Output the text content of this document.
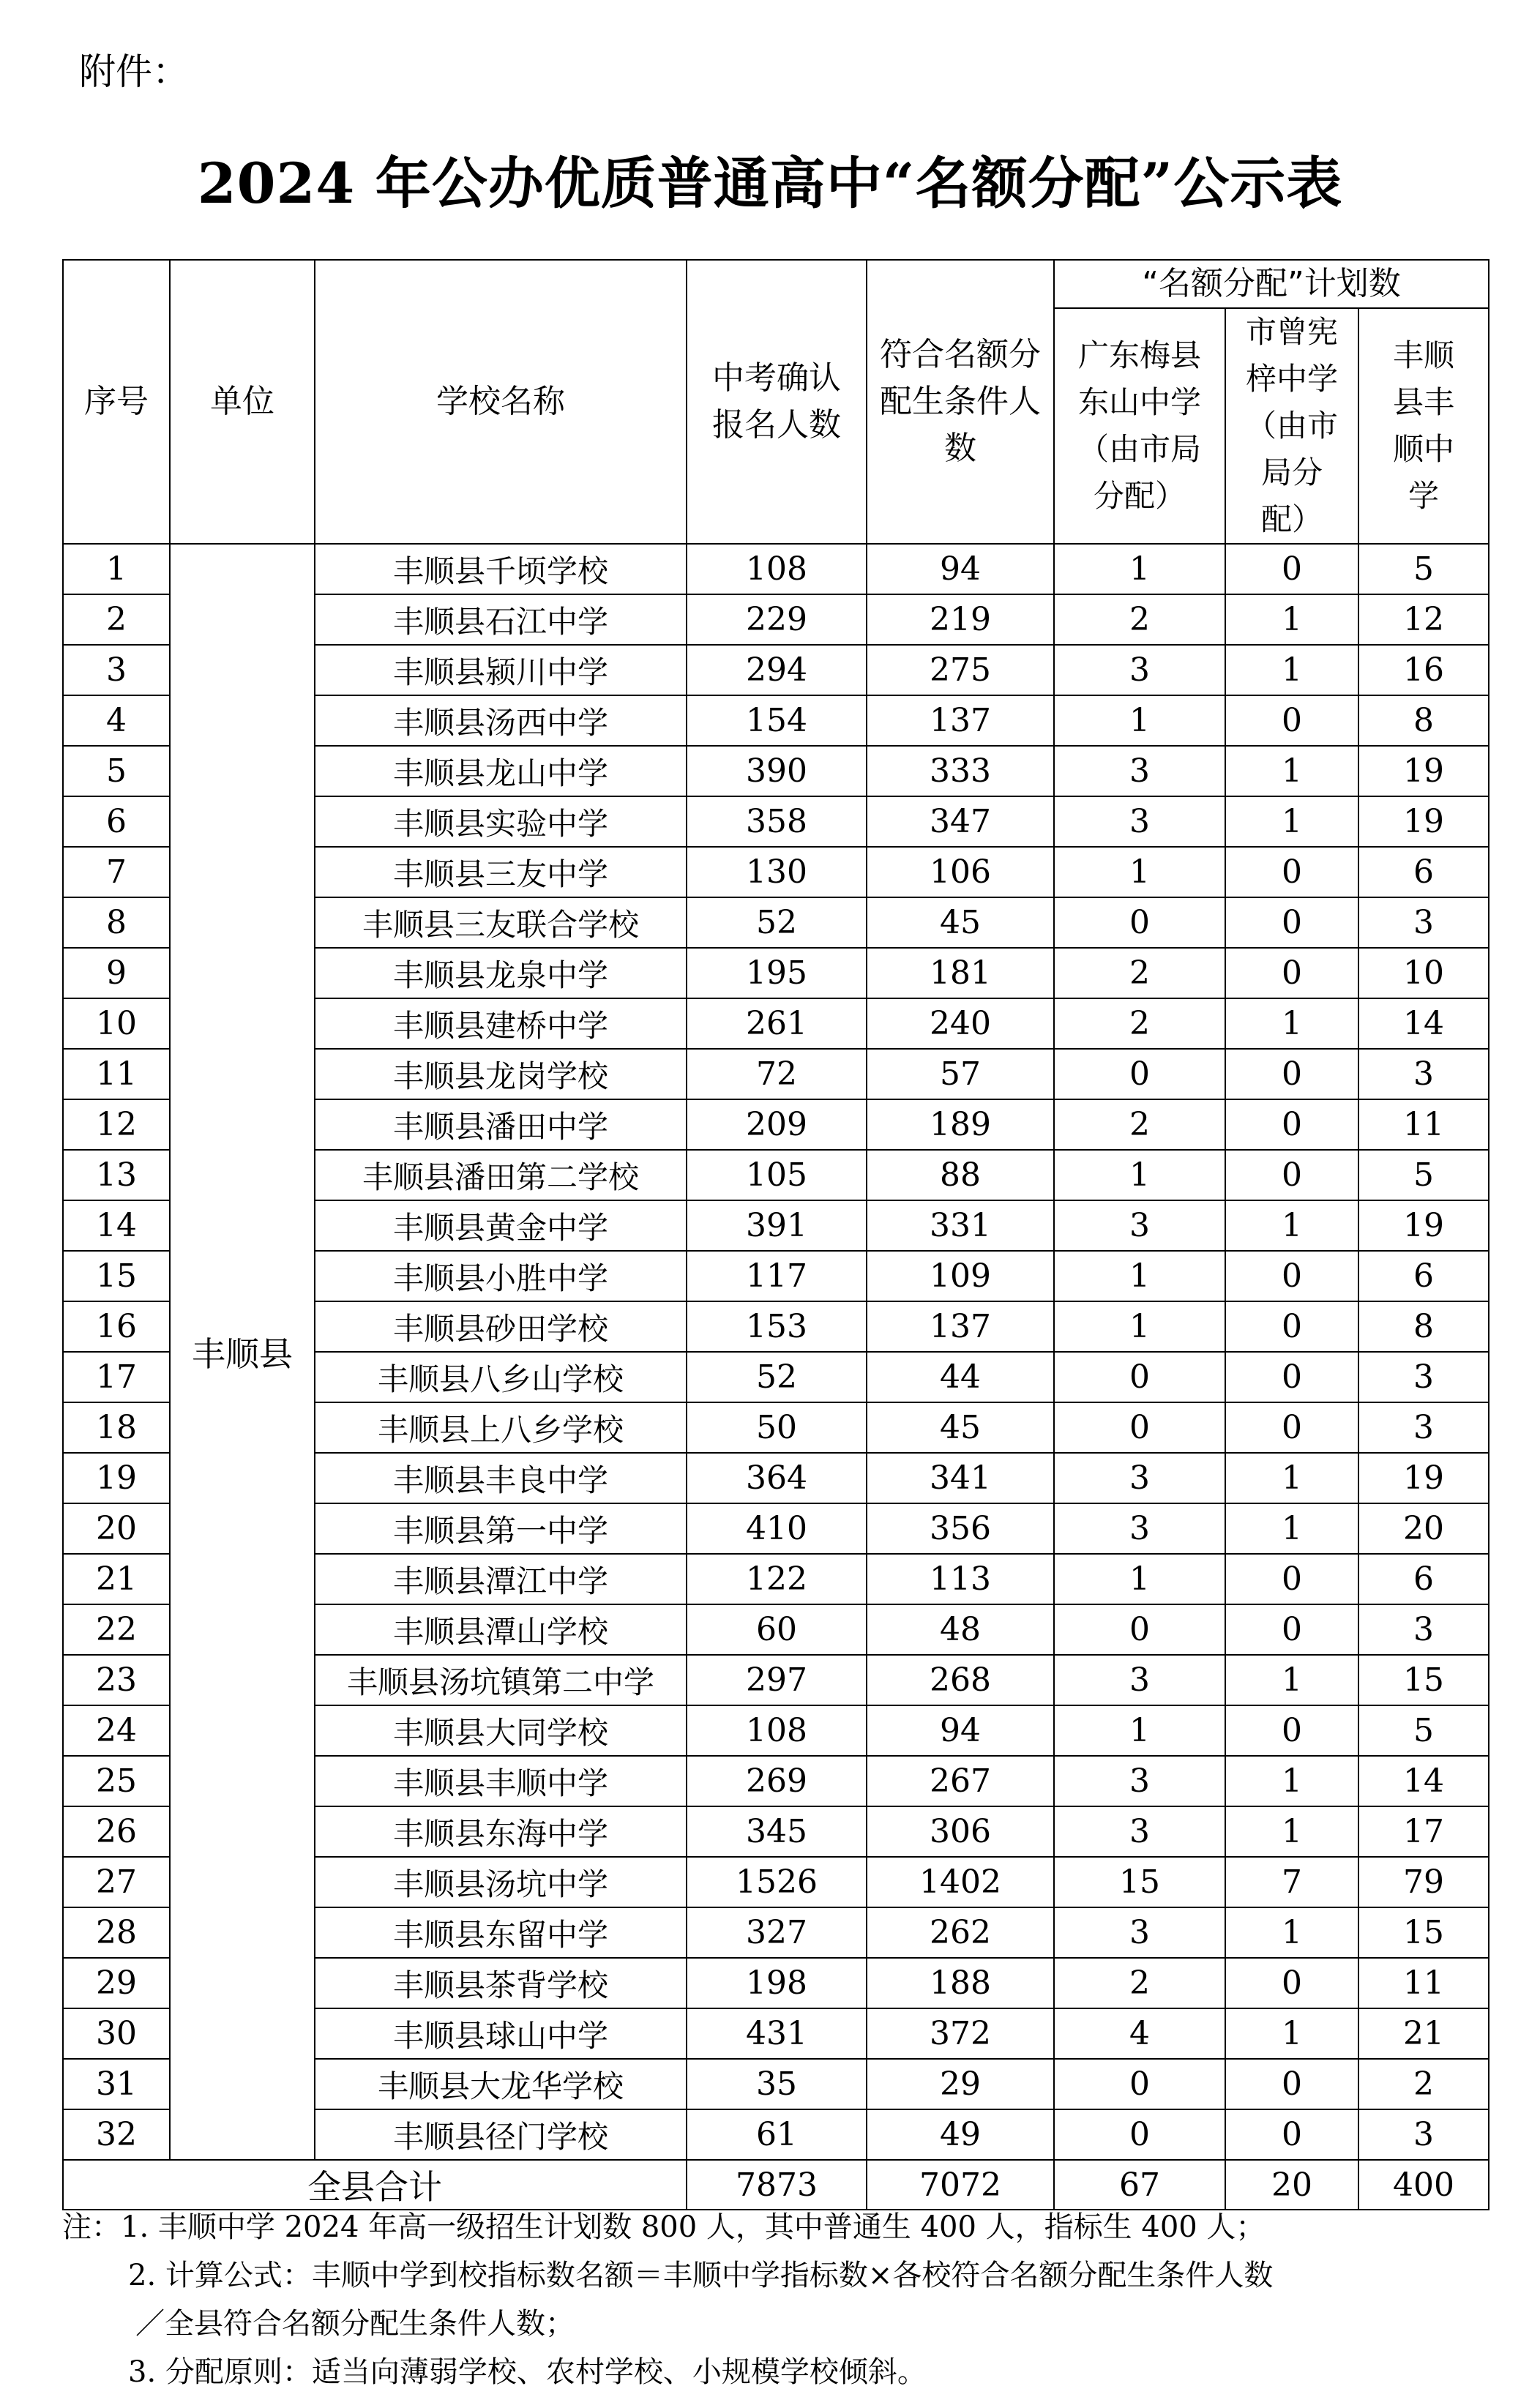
附件：
2024 年公办优质普通高中“名额分配”公示表
序号	单位	学校名称	中考确认报名人数	符合名额分配生条件人数	“名额分配”计划数		
					广东梅县东山中学（由市局分配）	市曾宪梓中学（由市局分配）	丰顺县丰顺中学
1	丰顺县	丰顺县千顷学校	108	94	1	0	5
2		丰顺县石江中学	229	219	2	1	12
3		丰顺县颍川中学	294	275	3	1	16
4		丰顺县汤西中学	154	137	1	0	8
5		丰顺县龙山中学	390	333	3	1	19
6		丰顺县实验中学	358	347	3	1	19
7		丰顺县三友中学	130	106	1	0	6
8		丰顺县三友联合学校	52	45	0	0	3
9		丰顺县龙泉中学	195	181	2	0	10
10		丰顺县建桥中学	261	240	2	1	14
11		丰顺县龙岗学校	72	57	0	0	3
12		丰顺县潘田中学	209	189	2	0	11
13		丰顺县潘田第二学校	105	88	1	0	5
14		丰顺县黄金中学	391	331	3	1	19
15		丰顺县小胜中学	117	109	1	0	6
16		丰顺县砂田学校	153	137	1	0	8
17		丰顺县八乡山学校	52	44	0	0	3
18		丰顺县上八乡学校	50	45	0	0	3
19		丰顺县丰良中学	364	341	3	1	19
20		丰顺县第一中学	410	356	3	1	20
21		丰顺县潭江中学	122	113	1	0	6
22		丰顺县潭山学校	60	48	0	0	3
23		丰顺县汤坑镇第二中学	297	268	3	1	15
24		丰顺县大同学校	108	94	1	0	5
25		丰顺县丰顺中学	269	267	3	1	14
26		丰顺县东海中学	345	306	3	1	17
27		丰顺县汤坑中学	1526	1402	15	7	79
28		丰顺县东留中学	327	262	3	1	15
29		丰顺县茶背学校	198	188	2	0	11
30		丰顺县球山中学	431	372	4	1	21
31		丰顺县大龙华学校	35	29	0	0	2
32		丰顺县径门学校	61	49	0	0	3
全县合计			7873	7072	67	20	400
注：1. 丰顺中学 2024 年高一级招生计划数 800 人，其中普通生 400 人，指标生 400 人；
2. 计算公式：丰顺中学到校指标数名额＝丰顺中学指标数×各校符合名额分配生条件人数
／全县符合名额分配生条件人数；
3. 分配原则：适当向薄弱学校、农村学校、小规模学校倾斜。
